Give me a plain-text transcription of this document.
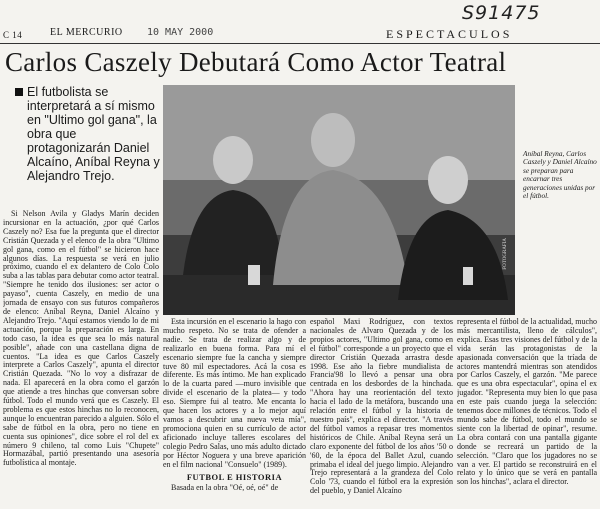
S91475
C 14	EL MERCURIO 10 MAY 2000	ESPECTACULOS
Carlos Caszely Debutará Como Actor Teatral
El futbolista se interpretará a sí mismo en "Ultimo gol gana", la obra que protagonizarán Daniel Alcaíno, Aníbal Reyna y Alejandro Trejo.
FOTOGRAFÍA
Aníbal Reyna, Carlos Caszely y Daniel Alcaíno se preparan para encarnar tres generaciones unidas por el fútbol.

Si Nelson Avila y Gladys Marín deciden incursionar en la actuación, ¿por qué Carlos Caszely no? Esa fue la pregunta que el director Cristián Quezada y el elenco de la obra "Ultimo gol gana, como en el fútbol" se hicieron hace algunos días. La respuesta se verá en julio próximo, cuando el ex delantero de Colo Colo suba a las tablas para debutar como actor teatral. "Siempre he tenido dos ilusiones: ser actor o payaso", cuenta Caszely, en medio de una jornada de ensayo con sus futuros compañeros de elenco: Aníbal Reyna, Daniel Alcaíno y Alejandro Trejo. "Aquí estamos viendo lo de mi actuación, porque la preparación es larga. En todo caso, la idea es que sea lo más natural posible", añade con una castellana digna de cuentos. "La idea es que Carlos Caszely interprete a Carlos Caszely", apunta el director Cristián Quezada. "No lo voy a disfrazar de nada. El aparecerá en la obra como el garzón que atiende a tres hinchas que conversan sobre fútbol. Todo el mundo verá que es Caszely. El problema es que estos hinchas no lo reconocen, aunque lo encuentran parecido a alguien. Sólo el sabe de fútbol en la obra, pero no tiene en cuenta sus opiniones", dice sobre el rol del ex número 9 chileno, tal como Luis "Chupete" Hormazábal, partió presentando una asesoría futbolística al montaje.

Esta incursión en el escenario la hago con mucho respeto. No se trata de ofender a nadie. Se trata de realizar algo y de realizarlo en buena forma. Para mí el escenario siempre fue la cancha y siempre tuve 80 mil espectadores. Acá la cosa es diferente. Es más íntimo. Me han explicado lo de la cuarta pared —muro invisible que divide el escenario de la platea— y todo eso. Siempre fui al teatro. Me encanta lo que hacen los actores y a lo mejor aquí vamos a descubrir una nueva veta mía", promociona quien en su currículo de actor aficionado incluye talleres escolares del colegio Pedro Salas, uno más adulto dictado por Héctor Noguera y una breve aparición en el film nacional "Consuelo" (1989).

FUTBOL E HISTORIA

Basada en la obra "Oé, oé, oé" de

español Maxi Rodríguez, con textos nacionales de Alvaro Quezada y de los propios actores, "Ultimo gol gana, como en el fútbol" corresponde a un proyecto que el director Cristián Quezada arrastra desde 1998. Ese año la fiebre mundialista de Francia'98 lo llevó a pensar una obra centrada en los desbordes de la hinchada. "Ahora hay una reorientación del texto hacia el lado de la metáfora, buscando una relación entre el fútbol y la historia de nuestro país", explica el director. "A través del fútbol vamos a repasar tres momentos históricos de Chile. Aníbal Reyna será un claro exponente del fútbol de los años '50 o '60, de la época del Ballet Azul, cuando primaba el ideal del juego limpio. Alejandro Trejo representará a la grandeza del Colo Colo '73, cuando el fútbol era la expresión del pueblo, y Daniel Alcaíno

representa el fútbol de la actualidad, mucho más mercantilista, lleno de cálculos", explica. Esas tres visiones del fútbol y de la vida serán las protagonistas de la apasionada conversación que la tríada de actores mantendrá mientras son atendidos por Carlos Caszely, el garzón. "Me parece que es una obra espectacular", opina el ex jugador. "Representa muy bien lo que pasa en este país cuando juega la selección: tenemos doce millones de técnicos. Todo el mundo sabe de fútbol, todo el mundo se siente con la libertad de opinar", resume. La obra contará con una pantalla gigante donde se recreará un partido de la selección. "Claro que los jugadores no se van a ver. El partido se reconstruirá en el relato y lo único que se verá en pantalla son los hinchas", aclara el director.
